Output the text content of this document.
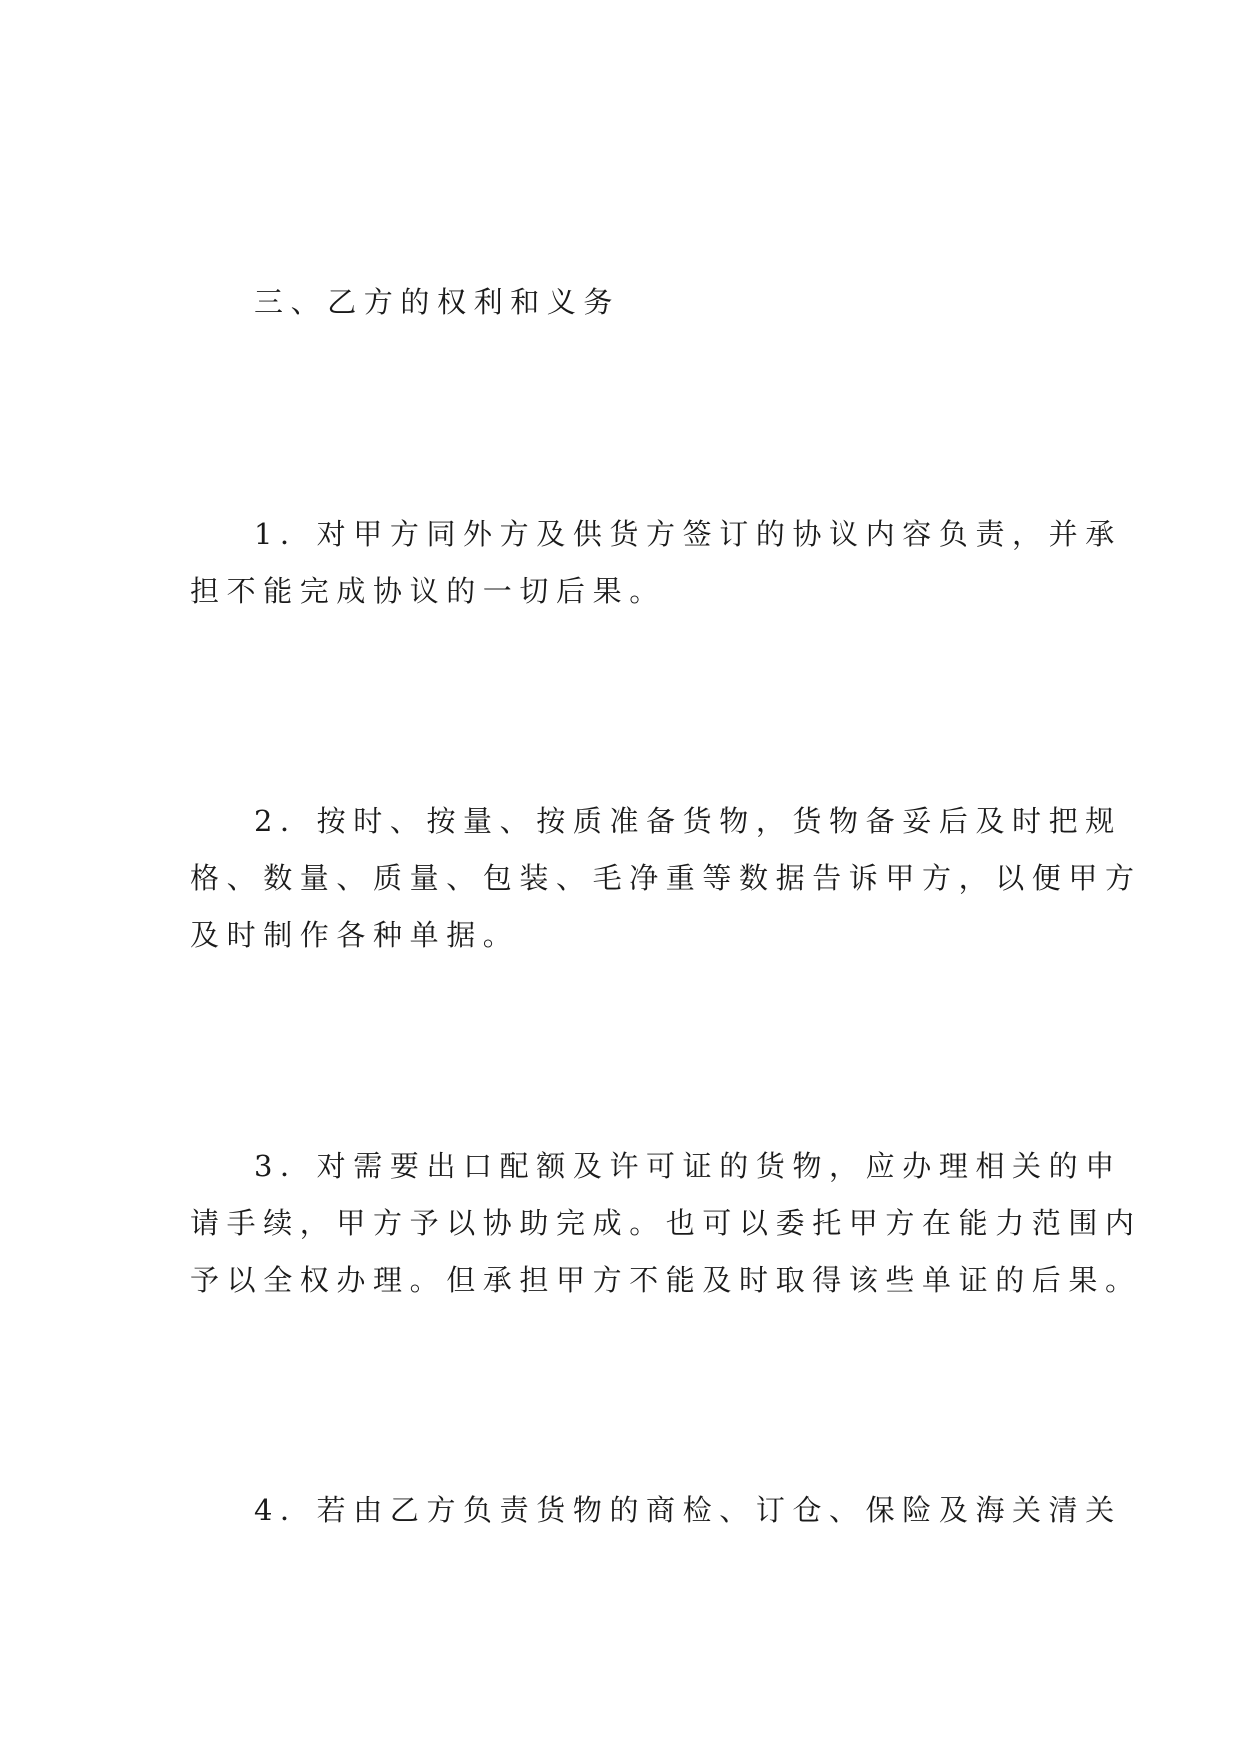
三、乙方的权利和义务
1．对甲方同外方及供货方签订的协议内容负责，并承
担不能完成协议的一切后果。
2．按时、按量、按质准备货物，货物备妥后及时把规
格、数量、质量、包装、毛净重等数据告诉甲方，以便甲方
及时制作各种单据。
3．对需要出口配额及许可证的货物，应办理相关的申
请手续，甲方予以协助完成。也可以委托甲方在能力范围内
予以全权办理。但承担甲方不能及时取得该些单证的后果。
4．若由乙方负责货物的商检、订仓、保险及海关清关
